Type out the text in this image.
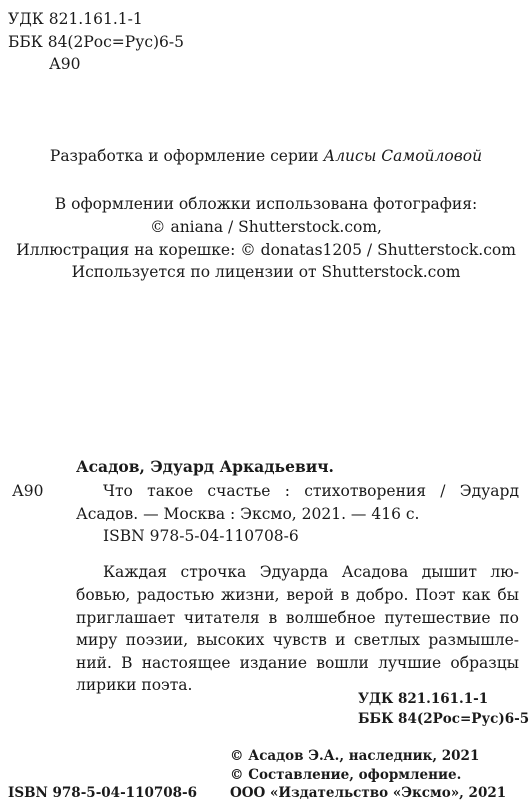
УДК 821.161.1-1
ББК 84(2Рос=Рус)6-5
А90
Разработка и оформление серии Алисы Самойловой
В оформлении обложки использована фотография:
© aniana / Shutterstock.com,
Иллюстрация на корешке: © donatas1205 / Shutterstock.com
Используется по лицензии от Shutterstock.com
Асадов, Эдуард Аркадьевич.
А90	Что такое счастье : стихотворения / Эдуард
Асадов. — Москва : Эксмо, 2021. — 416 с.
ISBN 978-5-04-110708-6
Каждая строчка Эдуарда Асадова дышит лю-
бовью, радостью жизни, верой в добро. Поэт как бы
приглашает читателя в волшебное путешествие по
миру поэзии, высоких чувств и светлых размышле-
ний. В настоящее издание вошли лучшие образцы
лирики поэта.
УДК 821.161.1-1
ББК 84(2Рос=Рус)6-5
© Асадов Э.А., наследник, 2021
© Составление, оформление.
ISBN 978-5-04-110708-6 ООО «Издательство «Эксмо», 2021
